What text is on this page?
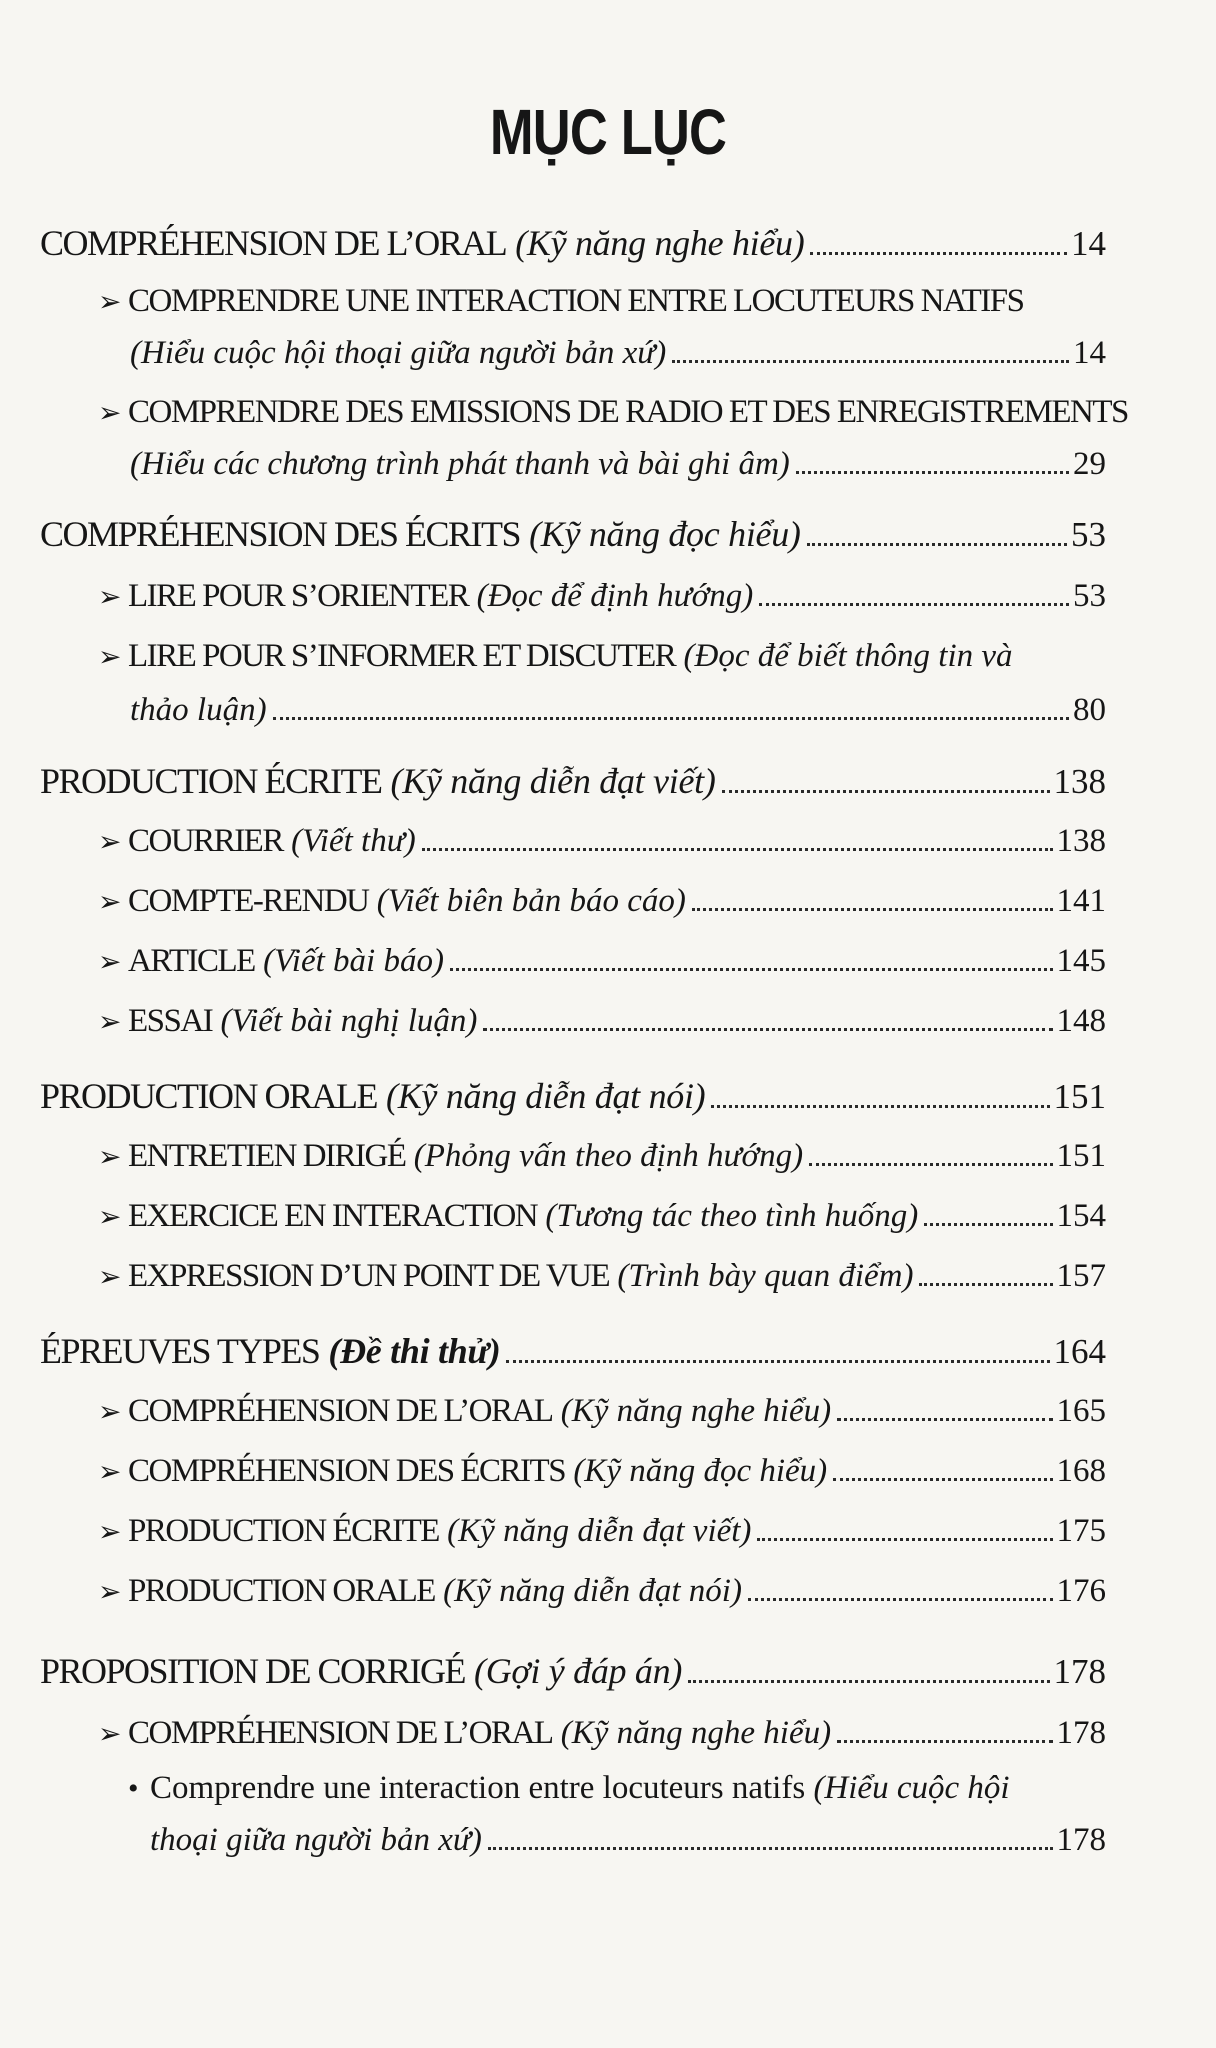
MỤC LỤC
COMPRÉHENSION DE L’ORAL
(Kỹ năng nghe hiểu)	14
➢ COMPRENDRE UNE INTERACTION ENTRE LOCUTEURS NATIFS
(Hiểu cuộc hội thoại giữa người bản xứ)	14
➢ COMPRENDRE DES EMISSIONS DE RADIO ET DES ENREGISTREMENTS
(Hiểu các chương trình phát thanh và bài ghi âm)	29
COMPRÉHENSION DES ÉCRITS
(Kỹ năng đọc hiểu)	53
➢ LIRE POUR S’ORIENTER
(Đọc để định hướng)	53
➢ LIRE POUR S’INFORMER ET DISCUTER (Đọc để biết thông tin và
thảo luận)	80
PRODUCTION ÉCRITE
(Kỹ năng diễn đạt viết)	138
➢ COURRIER
(Viết thư)	138
➢ COMPTE-RENDU
(Viết biên bản báo cáo)	141
➢ ARTICLE
(Viết bài báo)	145
➢ ESSAI
(Viết bài nghị luận)	148
PRODUCTION ORALE
(Kỹ năng diễn đạt nói)	151
➢ ENTRETIEN DIRIGÉ
(Phỏng vấn theo định hướng)	151
➢ EXERCICE EN INTERACTION
(Tương tác theo tình huống)	154
➢ EXPRESSION D’UN POINT DE VUE
(Trình bày quan điểm)	157
ÉPREUVES TYPES
(Đề thi thử)	164
➢ COMPRÉHENSION DE L’ORAL
(Kỹ năng nghe hiểu)	165
➢ COMPRÉHENSION DES ÉCRITS
(Kỹ năng đọc hiểu)	168
➢ PRODUCTION ÉCRITE
(Kỹ năng diễn đạt viết)	175
➢ PRODUCTION ORALE
(Kỹ năng diễn đạt nói)	176
PROPOSITION DE CORRIGÉ
(Gợi ý đáp án)	178
➢ COMPRÉHENSION DE L’ORAL
(Kỹ năng nghe hiểu)	178
• Comprendre une interaction entre locuteurs natifs (Hiểu cuộc hội
thoại giữa người bản xứ)	178
